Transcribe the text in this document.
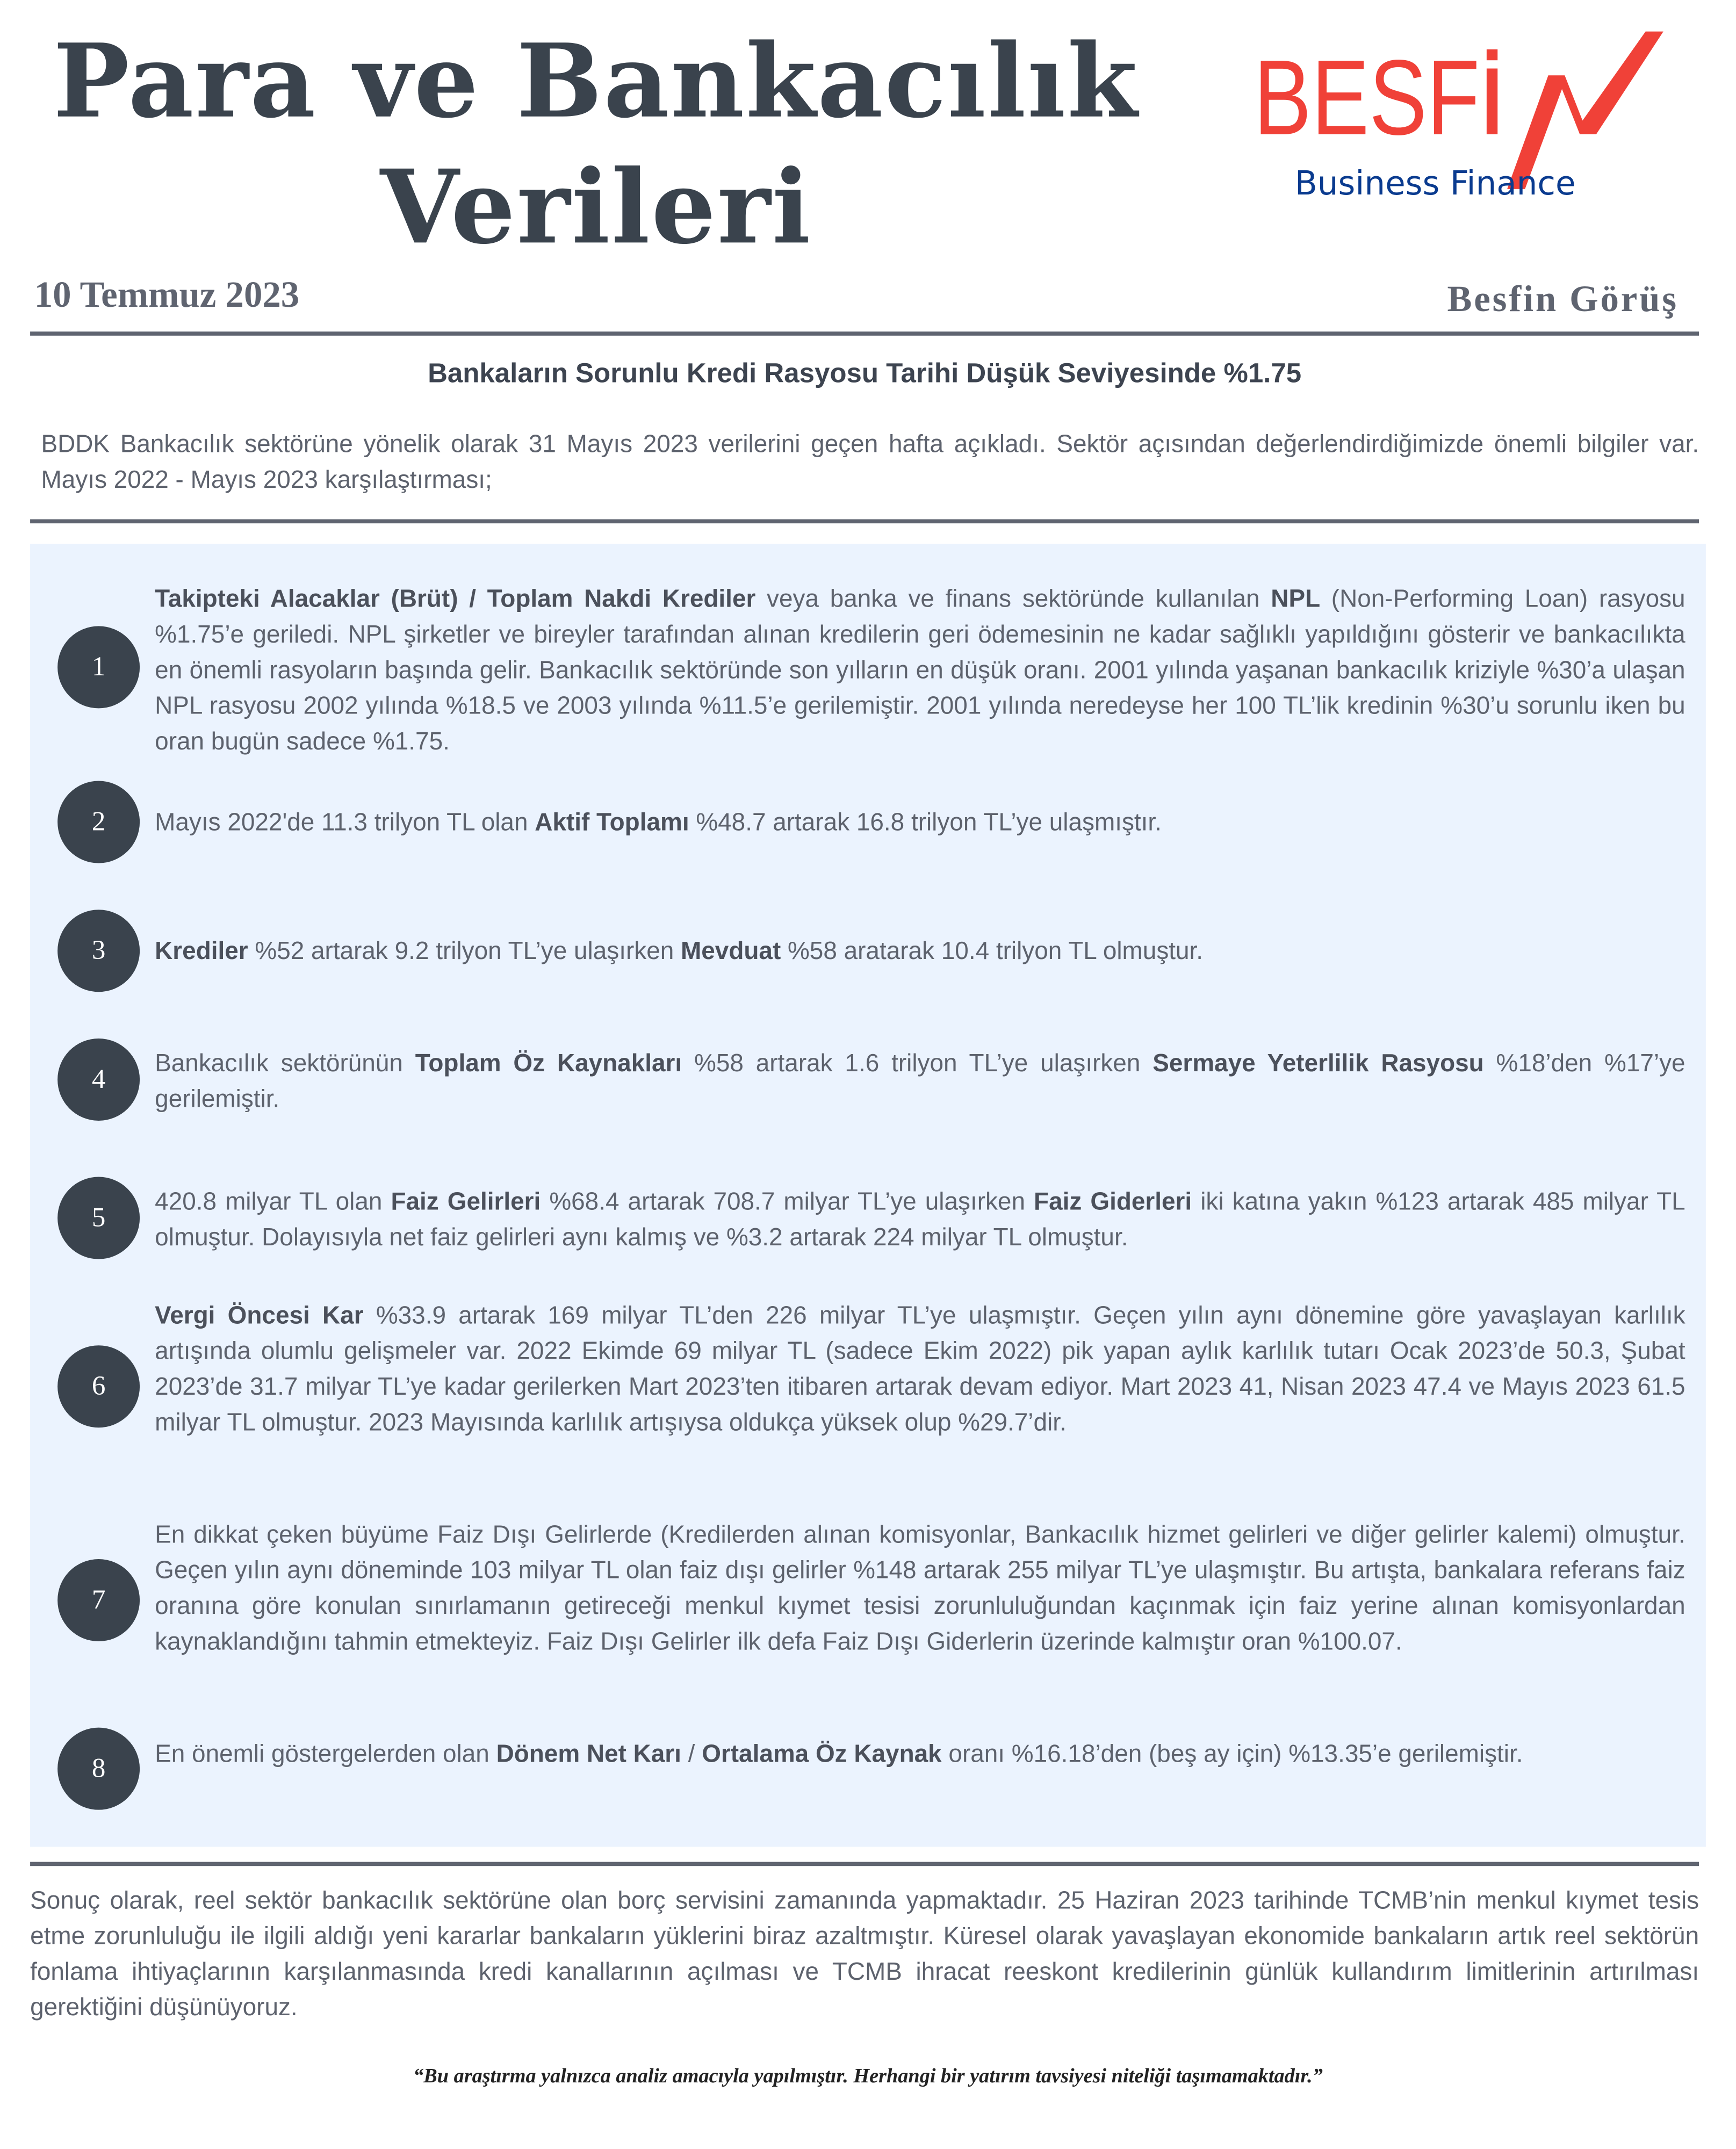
Para ve Bankacılık
Verileri
BESF
Business Finance
10 Temmuz 2023	Besfin Görüş
Bankaların Sorunlu Kredi Rasyosu Tarihi Düşük Seviyesinde %1.75
BDDK Bankacılık sektörüne yönelik olarak 31 Mayıs 2023 verilerini geçen hafta açıkladı. Sektör açısından değerlendirdiğimizde önemli bilgiler var. Mayıs 2022 - Mayıs 2023 karşılaştırması;
1
Takipteki Alacaklar (Brüt) / Toplam Nakdi Krediler veya banka ve finans sektöründe kullanılan NPL (Non-Performing Loan) rasyosu %1.75’e geriledi. NPL şirketler ve bireyler tarafından alınan kredilerin geri ödemesinin ne kadar sağlıklı yapıldığını gösterir ve bankacılıkta en önemli rasyoların başında gelir. Bankacılık sektöründe son yılların en düşük oranı. 2001 yılında yaşanan bankacılık kriziyle %30’a ulaşan NPL rasyosu 2002 yılında %18.5 ve 2003 yılında %11.5’e gerilemiştir. 2001 yılında neredeyse her 100 TL’lik kredinin %30’u sorunlu iken bu oran bugün sadece %1.75.
2	Mayıs 2022'de 11.3 trilyon TL olan Aktif Toplamı %48.7 artarak 16.8 trilyon TL’ye ulaşmıştır.
3	Krediler %52 artarak 9.2 trilyon TL’ye ulaşırken Mevduat %58 aratarak 10.4 trilyon TL olmuştur.
4
Bankacılık sektörünün Toplam Öz Kaynakları %58 artarak 1.6 trilyon TL’ye ulaşırken Sermaye Yeterlilik Rasyosu %18’den %17’ye gerilemiştir.
5
420.8 milyar TL olan Faiz Gelirleri %68.4 artarak 708.7 milyar TL’ye ulaşırken Faiz Giderleri iki katına yakın %123 artarak 485 milyar TL olmuştur. Dolayısıyla net faiz gelirleri aynı kalmış ve %3.2 artarak 224 milyar TL olmuştur.
6
Vergi Öncesi Kar %33.9 artarak 169 milyar TL’den 226 milyar TL’ye ulaşmıştır. Geçen yılın aynı dönemine göre yavaşlayan karlılık artışında olumlu gelişmeler var. 2022 Ekimde 69 milyar TL (sadece Ekim 2022) pik yapan aylık karlılık tutarı Ocak 2023’de 50.3, Şubat 2023’de 31.7 milyar TL’ye kadar gerilerken Mart 2023’ten itibaren artarak devam ediyor. Mart 2023 41, Nisan 2023 47.4 ve Mayıs 2023 61.5 milyar TL olmuştur. 2023 Mayısında karlılık artışıysa oldukça yüksek olup %29.7’dir.
7
En dikkat çeken büyüme Faiz Dışı Gelirlerde (Kredilerden alınan komisyonlar, Bankacılık hizmet gelirleri ve diğer gelirler kalemi) olmuştur. Geçen yılın aynı döneminde 103 milyar TL olan faiz dışı gelirler %148 artarak 255 milyar TL’ye ulaşmıştır. Bu artışta, bankalara referans faiz oranına göre konulan sınırlamanın getireceği menkul kıymet tesisi zorunluluğundan kaçınmak için faiz yerine alınan komisyonlardan kaynaklandığını tahmin etmekteyiz. Faiz Dışı Gelirler ilk defa Faiz Dışı Giderlerin üzerinde kalmıştır oran %100.07.
8	En önemli göstergelerden olan Dönem Net Karı / Ortalama Öz Kaynak oranı %16.18’den (beş ay için) %13.35’e gerilemiştir.
Sonuç olarak, reel sektör bankacılık sektörüne olan borç servisini zamanında yapmaktadır. 25 Haziran 2023 tarihinde TCMB’nin menkul kıymet tesis etme zorunluluğu ile ilgili aldığı yeni kararlar bankaların yüklerini biraz azaltmıştır. Küresel olarak yavaşlayan ekonomide bankaların artık reel sektörün fonlama ihtiyaçlarının karşılanmasında kredi kanallarının açılması ve TCMB ihracat reeskont kredilerinin günlük kullandırım limitlerinin artırılması gerektiğini düşünüyoruz.
“Bu araştırma yalnızca analiz amacıyla yapılmıştır. Herhangi bir yatırım tavsiyesi niteliği taşımamaktadır.”
